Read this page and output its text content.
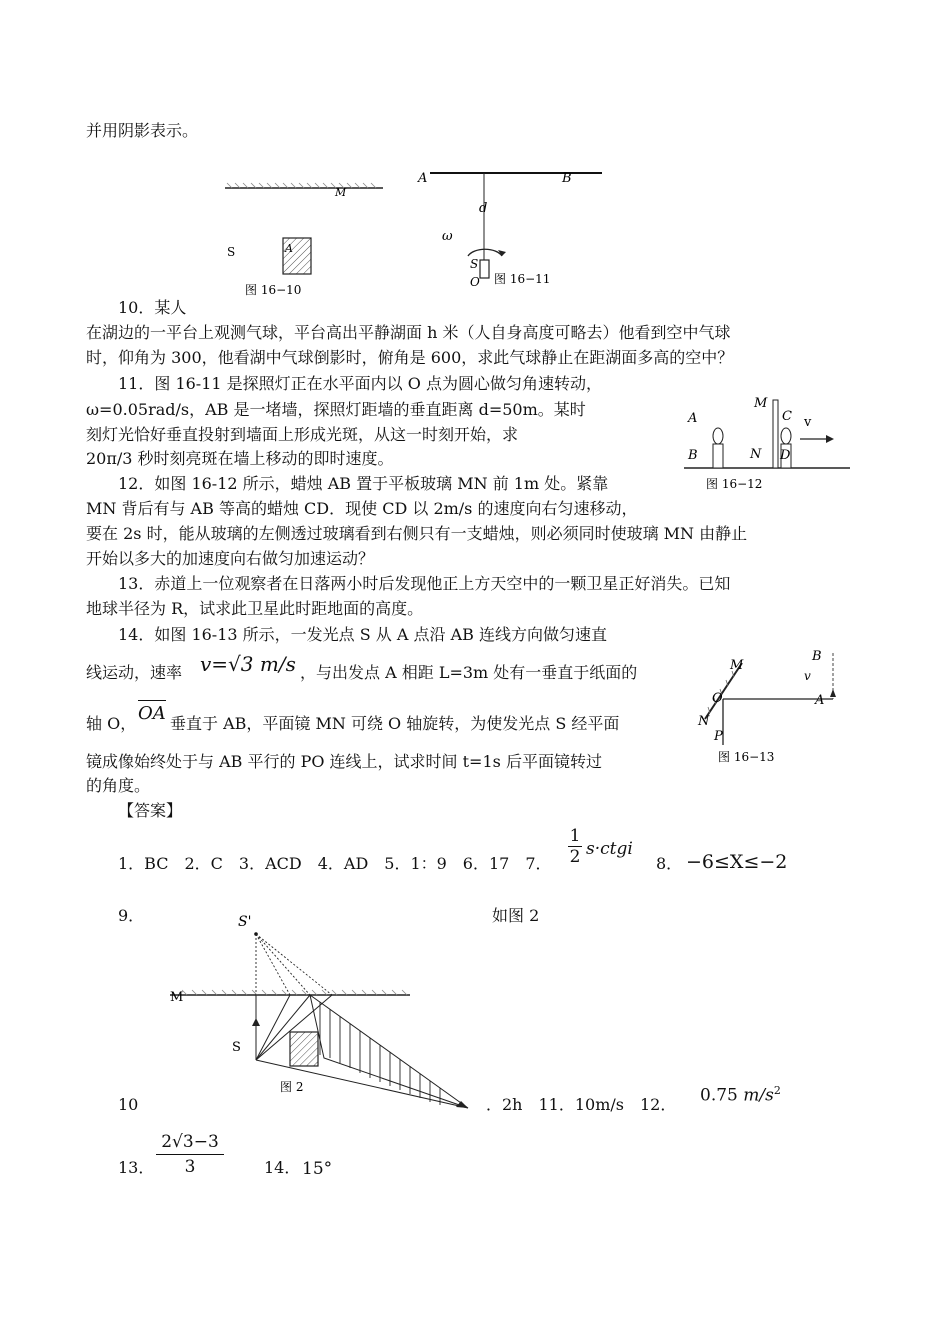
并用阴影表示。
M
A
S
图 16−10
A	B
d
ω
S
O 图 16−11
10．某人
在湖边的一平台上观测气球，平台高出平静湖面 h 米（人自身高度可略去）他看到空中气球
时，仰角为 300，他看湖中气球倒影时，俯角是 600，求此气球静止在距湖面多高的空中？
11．图 16-11 是探照灯正在水平面内以 O 点为圆心做匀角速转动，
ω=0.05rad/s，AB 是一堵墙，探照灯距墙的垂直距离 d=50m。某时
刻灯光恰好垂直投射到墙面上形成光斑，从这一时刻开始，求
20π/3 秒时刻亮斑在墙上移动的即时速度。
A
B
M
N
C
D
v
图 16−12
12．如图 16-12 所示，蜡烛 AB 置于平板玻璃 MN 前 1m 处。紧靠
MN 背后有与 AB 等高的蜡烛 CD．现使 CD 以 2m/s 的速度向右匀速移动，
要在 2s 时，能从玻璃的左侧透过玻璃看到右侧只有一支蜡烛，则必须同时使玻璃 MN 由静止
开始以多大的加速度向右做匀加速运动？
13．赤道上一位观察者在日落两小时后发现他正上方天空中的一颗卫星正好消失。已知
地球半径为 R，试求此卫星此时距地面的高度。
14．如图 16-13 所示，一发光点 S 从 A 点沿 AB 连线方向做匀速直
线运动，速率 v=√3 m/s ，与出发点 A 相距 L=3m 处有一垂直于纸面的
轴 O， OA 垂直于 AB，平面镜 MN 可绕 O 轴旋转，为使发光点 S 经平面
镜成像始终处于与 AB 平行的 PO 连线上，试求时间 t=1s 后平面镜转过
的角度。
M
O
N
P
B
v
A
图 16−13
【答案】
1．BC　2．C　3．ACD　4．AD　5．1：9　6．17　7． $\frac{1}{2}$ s·ctgi
8． −6≤X≤−2
9．	如图 2
S'
M
S
图 2
10	．2h　11．10m/s　12． 0.75 $m/s^2$
13． $\frac{2√3-3}{3}$	14． 15°
